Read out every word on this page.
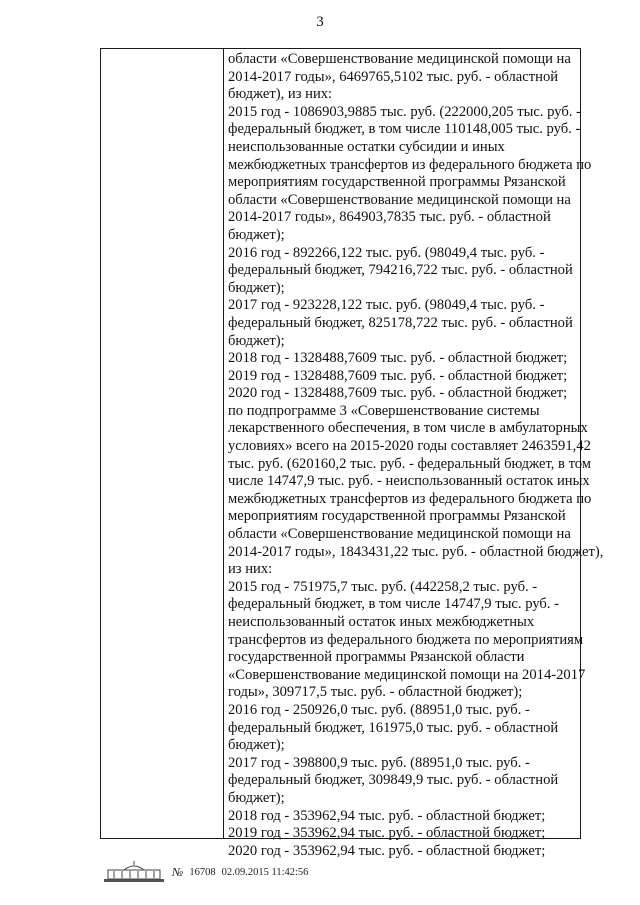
3
области «Совершенствование медицинской помощи на
2014-2017 годы», 6469765,5102 тыс. руб. - областной
бюджет), из них:
2015 год - 1086903,9885 тыс. руб. (222000,205 тыс. руб. -
федеральный бюджет, в том числе 110148,005 тыс. руб. -
неиспользованные остатки субсидии и иных
межбюджетных трансфертов из федерального бюджета по
мероприятиям государственной программы Рязанской
области «Совершенствование медицинской помощи на
2014-2017 годы», 864903,7835 тыс. руб. - областной
бюджет);
2016 год - 892266,122 тыс. руб. (98049,4 тыс. руб. -
федеральный бюджет, 794216,722 тыс. руб. - областной
бюджет);
2017 год - 923228,122 тыс. руб. (98049,4 тыс. руб. -
федеральный бюджет, 825178,722 тыс. руб. - областной
бюджет);
2018 год - 1328488,7609 тыс. руб. - областной бюджет;
2019 год - 1328488,7609 тыс. руб. - областной бюджет;
2020 год - 1328488,7609 тыс. руб. - областной бюджет;
по подпрограмме 3 «Совершенствование системы
лекарственного обеспечения, в том числе в амбулаторных
условиях» всего на 2015-2020 годы составляет 2463591,42
тыс. руб. (620160,2 тыс. руб. - федеральный бюджет, в том
числе 14747,9 тыс. руб. - неиспользованный остаток иных
межбюджетных трансфертов из федерального бюджета по
мероприятиям государственной программы Рязанской
области «Совершенствование медицинской помощи на
2014-2017 годы», 1843431,22 тыс. руб. - областной бюджет),
из них:
2015 год - 751975,7 тыс. руб. (442258,2 тыс. руб. -
федеральный бюджет, в том числе 14747,9 тыс. руб. -
неиспользованный остаток иных межбюджетных
трансфертов из федерального бюджета по мероприятиям
государственной программы Рязанской области
«Совершенствование медицинской помощи на 2014-2017
годы», 309717,5 тыс. руб. - областной бюджет);
2016 год - 250926,0 тыс. руб. (88951,0 тыс. руб. -
федеральный бюджет, 161975,0 тыс. руб. - областной
бюджет);
2017 год - 398800,9 тыс. руб. (88951,0 тыс. руб. -
федеральный бюджет, 309849,9 тыс. руб. - областной
бюджет);
2018 год - 353962,94 тыс. руб. - областной бюджет;
2019 год - 353962,94 тыс. руб. - областной бюджет;
2020 год - 353962,94 тыс. руб. - областной бюджет;
№ 16708 02.09.2015 11:42:56
